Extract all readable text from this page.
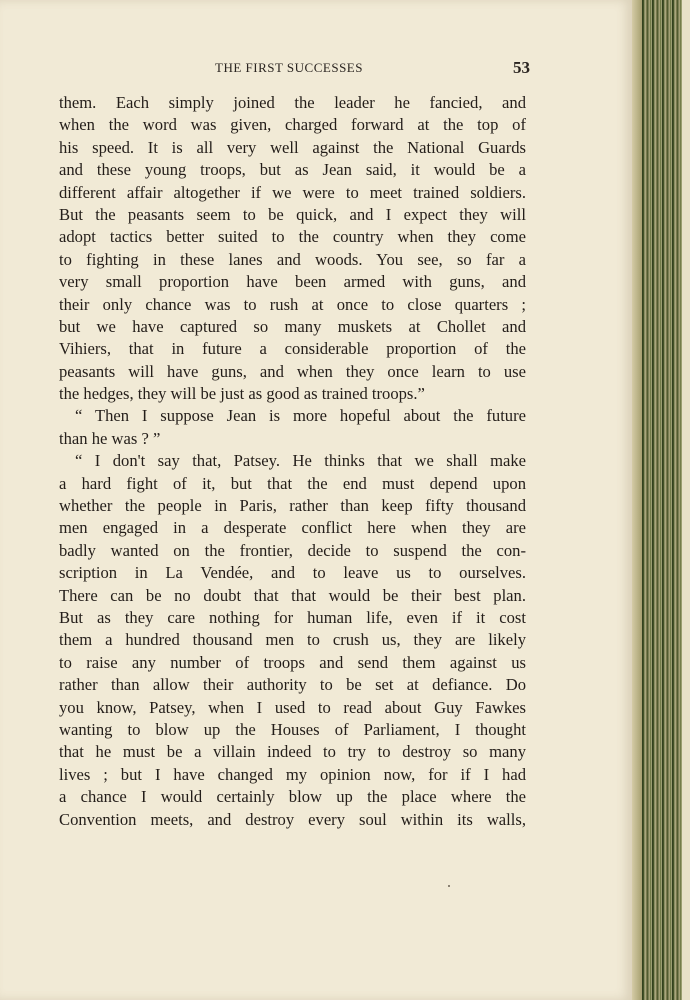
THE FIRST SUCCESSES	53
them. Each simply joined the leader he fancied, and
when the word was given, charged forward at the top of
his speed. It is all very well against the National Guards
and these young troops, but as Jean said, it would be a
different affair altogether if we were to meet trained soldiers.
But the peasants seem to be quick, and I expect they will
adopt tactics better suited to the country when they come
to fighting in these lanes and woods. You see, so far a
very small proportion have been armed with guns, and
their only chance was to rush at once to close quarters ;
but we have captured so many muskets at Chollet and
Vihiers, that in future a considerable proportion of the
peasants will have guns, and when they once learn to use
the hedges, they will be just as good as trained troops.”
“ Then I suppose Jean is more hopeful about the future
than he was ? ”
“ I don't say that, Patsey. He thinks that we shall make
a hard fight of it, but that the end must depend upon
whether the people in Paris, rather than keep fifty thousand
men engaged in a desperate conflict here when they are
badly wanted on the frontier, decide to suspend the con-
scription in La Vendée, and to leave us to ourselves.
There can be no doubt that that would be their best plan.
But as they care nothing for human life, even if it cost
them a hundred thousand men to crush us, they are likely
to raise any number of troops and send them against us
rather than allow their authority to be set at defiance. Do
you know, Patsey, when I used to read about Guy Fawkes
wanting to blow up the Houses of Parliament, I thought
that he must be a villain indeed to try to destroy so many
lives ; but I have changed my opinion now, for if I had
a chance I would certainly blow up the place where the
Convention meets, and destroy every soul within its walls,
